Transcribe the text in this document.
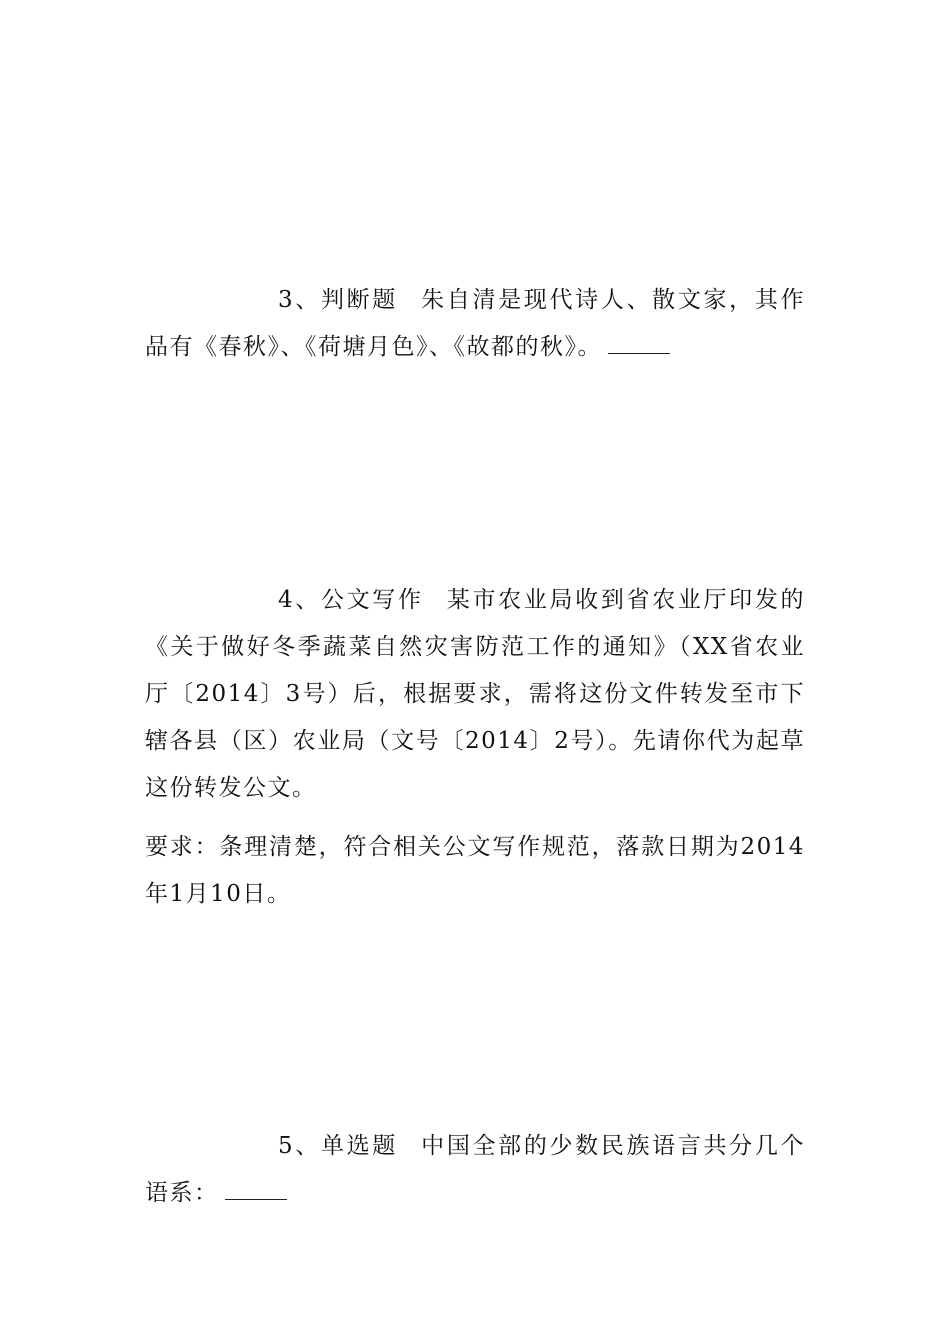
3、判断题 朱自清是现代诗人、散文家，其作品有《春秋》、《荷塘月色》、《故都的秋》。

4、公文写作 某市农业局收到省农业厅印发的《关于做好冬季蔬菜自然灾害防范工作的通知》（XX省农业厅〔2014〕3号）后，根据要求，需将这份文件转发至市下辖各县（区）农业局（文号〔2014〕2号）。先请你代为起草这份转发公文。

要求：条理清楚，符合相关公文写作规范，落款日期为2014年1月10日。

5、单选题 中国全部的少数民族语言共分几个语系：
